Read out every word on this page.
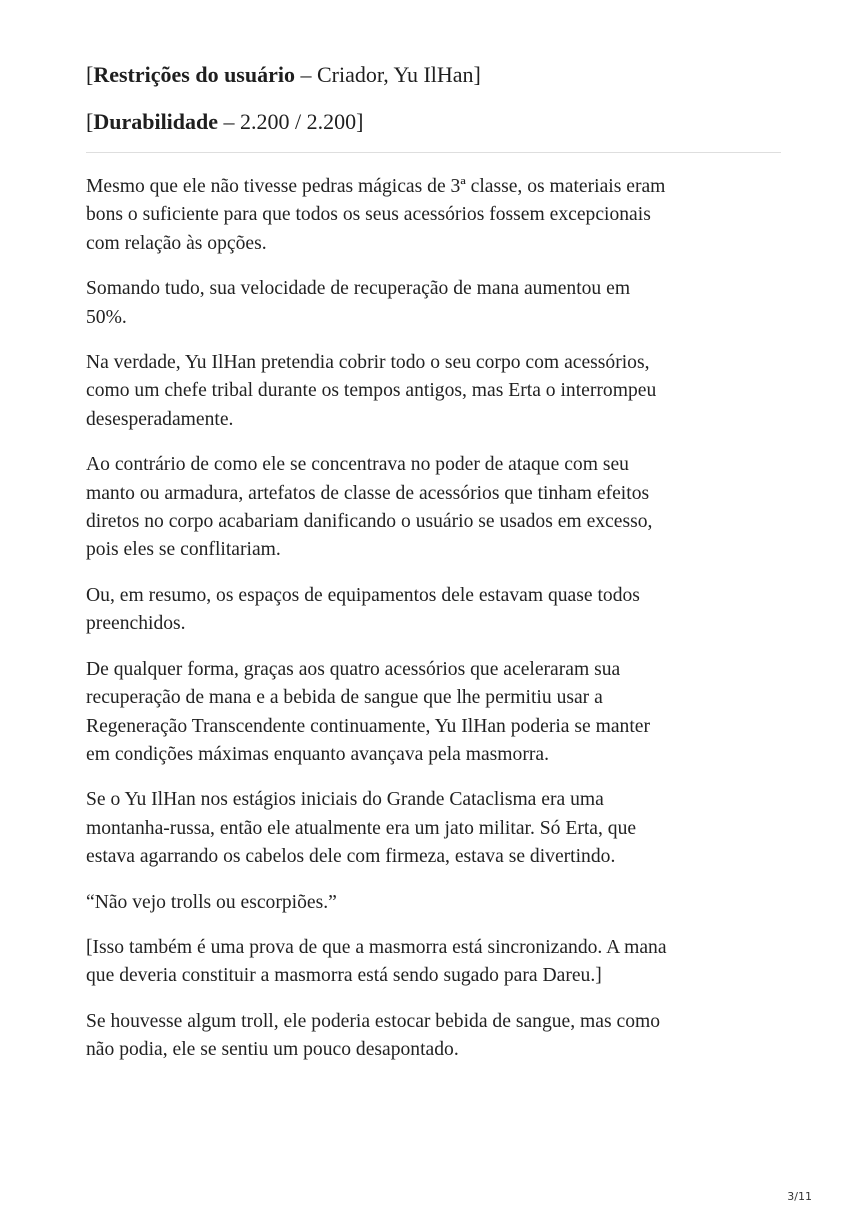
[Restrições do usuário – Criador, Yu IlHan]

[Durabilidade – 2.200 / 2.200]

Mesmo que ele não tivesse pedras mágicas de 3ª classe, os materiais eram
bons o suficiente para que todos os seus acessórios fossem excepcionais
com relação às opções.

Somando tudo, sua velocidade de recuperação de mana aumentou em
50%.

Na verdade, Yu IlHan pretendia cobrir todo o seu corpo com acessórios,
como um chefe tribal durante os tempos antigos, mas Erta o interrompeu
desesperadamente.

Ao contrário de como ele se concentrava no poder de ataque com seu
manto ou armadura, artefatos de classe de acessórios que tinham efeitos
diretos no corpo acabariam danificando o usuário se usados em excesso,
pois eles se conflitariam.

Ou, em resumo, os espaços de equipamentos dele estavam quase todos
preenchidos.

De qualquer forma, graças aos quatro acessórios que aceleraram sua
recuperação de mana e a bebida de sangue que lhe permitiu usar a
Regeneração Transcendente continuamente, Yu IlHan poderia se manter
em condições máximas enquanto avançava pela masmorra.

Se o Yu IlHan nos estágios iniciais do Grande Cataclisma era uma
montanha-russa, então ele atualmente era um jato militar. Só Erta, que
estava agarrando os cabelos dele com firmeza, estava se divertindo.

“Não vejo trolls ou escorpiões.”

[Isso também é uma prova de que a masmorra está sincronizando. A mana
que deveria constituir a masmorra está sendo sugado para Dareu.]

Se houvesse algum troll, ele poderia estocar bebida de sangue, mas como
não podia, ele se sentiu um pouco desapontado.

3/11
